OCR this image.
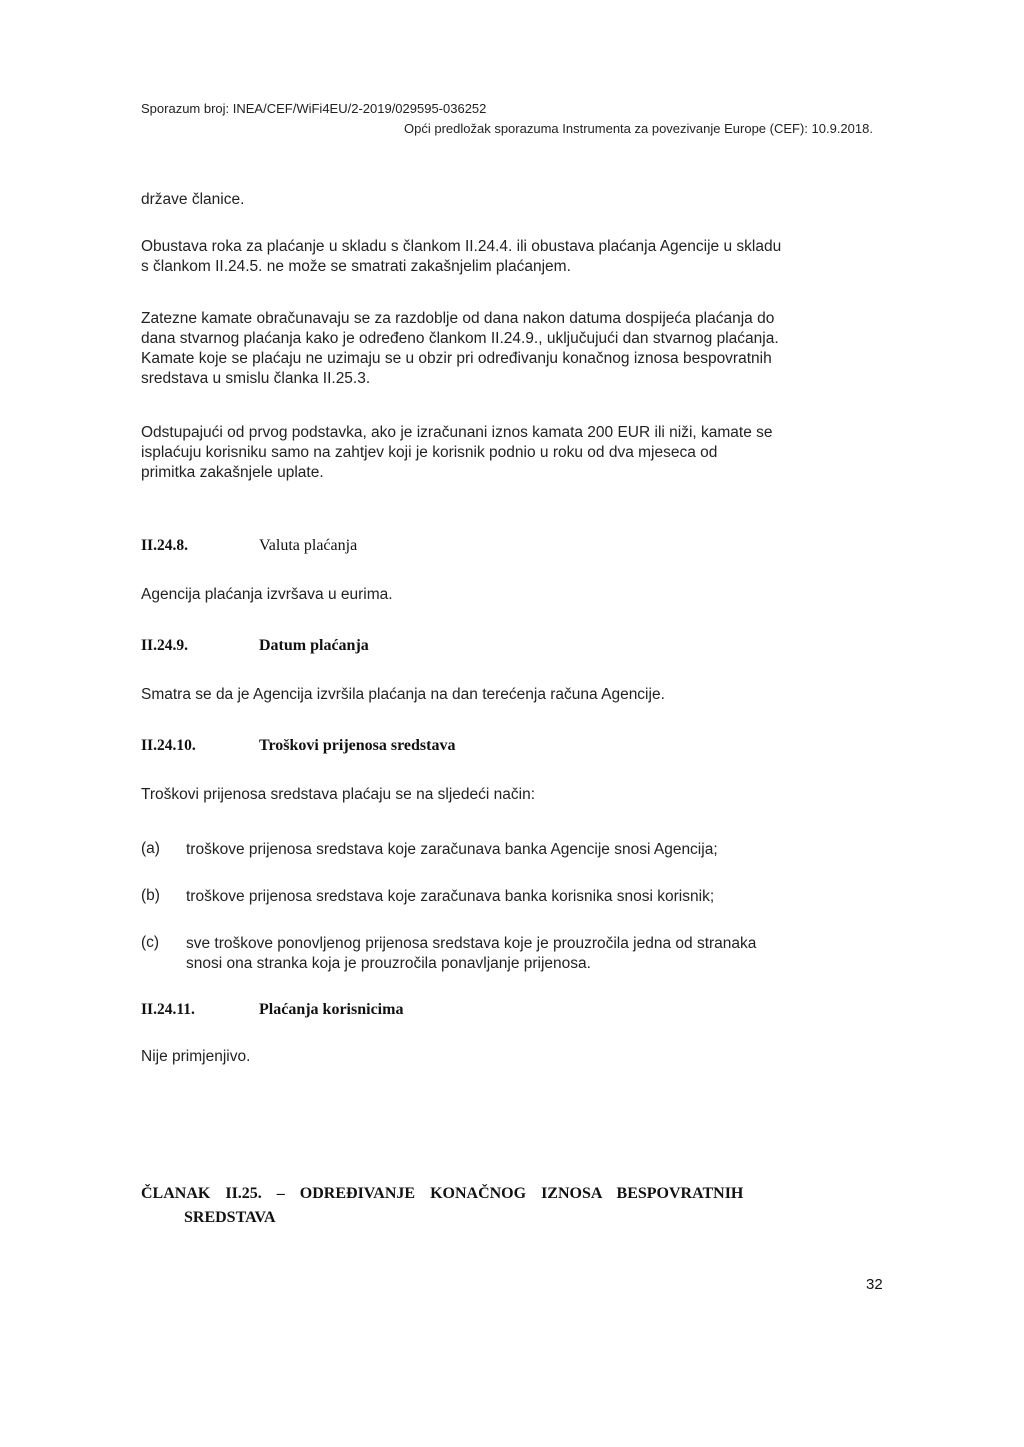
Sporazum broj: INEA/CEF/WiFi4EU/2-2019/029595-036252
Opći predložak sporazuma Instrumenta za povezivanje Europe (CEF): 10.9.2018.
države članice.
Obustava roka za plaćanje u skladu s člankom II.24.4. ili obustava plaćanja Agencije u skladu
s člankom II.24.5. ne može se smatrati zakašnjelim plaćanjem.
Zatezne kamate obračunavaju se za razdoblje od dana nakon datuma dospijeća plaćanja do
dana stvarnog plaćanja kako je određeno člankom II.24.9., uključujući dan stvarnog plaćanja.
Kamate koje se plaćaju ne uzimaju se u obzir pri određivanju konačnog iznosa bespovratnih
sredstava u smislu članka II.25.3.
Odstupajući od prvog podstavka, ako je izračunani iznos kamata 200 EUR ili niži, kamate se
isplaćuju korisniku samo na zahtjev koji je korisnik podnio u roku od dva mjeseca od
primitka zakašnjele uplate.
II.24.8.	Valuta plaćanja
Agencija plaćanja izvršava u eurima.
II.24.9.	Datum plaćanja
Smatra se da je Agencija izvršila plaćanja na dan terećenja računa Agencije.
II.24.10.	Troškovi prijenosa sredstava
Troškovi prijenosa sredstava plaćaju se na sljedeći način:
(a) troškove prijenosa sredstava koje zaračunava banka Agencije snosi Agencija;
(b) troškove prijenosa sredstava koje zaračunava banka korisnika snosi korisnik;
(c) sve troškove ponovljenog prijenosa sredstava koje je prouzročila jedna od stranaka
snosi ona stranka koja je prouzročila ponavljanje prijenosa.
II.24.11.	Plaćanja korisnicima
Nije primjenjivo.
ČLANAK II.25. – ODREĐIVANJE KONAČNOG IZNOSA BESPOVRATNIH
SREDSTAVA
32
